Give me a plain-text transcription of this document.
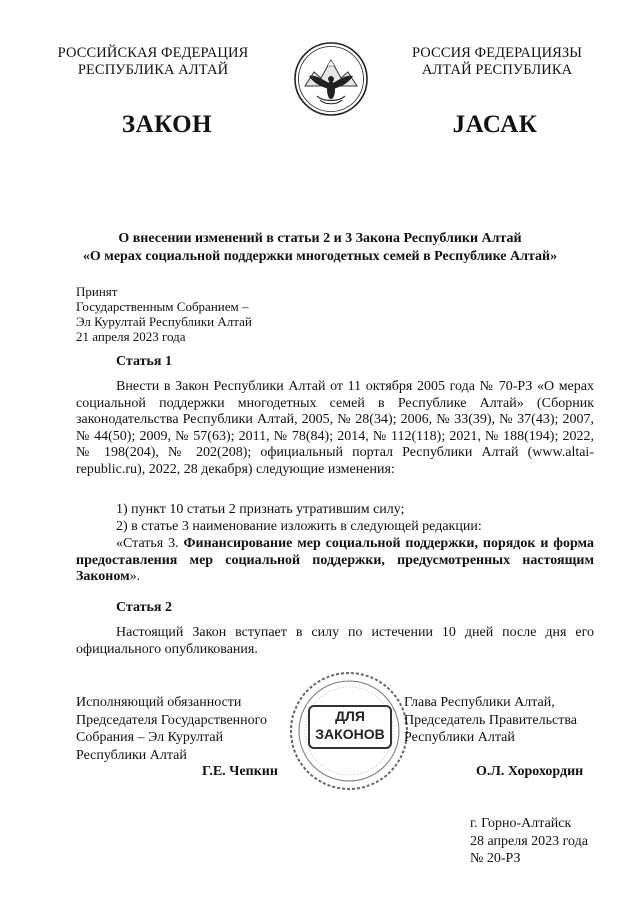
РОССИЙСКАЯ ФЕДЕРАЦИЯ
РЕСПУБЛИКА АЛТАЙ
РОССИЯ ФЕДЕРАЦИЯЗЫ
АЛТАЙ РЕСПУБЛИКА
ЗАКОН	JАСАК
О внесении изменений в статьи 2 и 3 Закона Республики Алтай
«О мерах социальной поддержки многодетных семей в Республике Алтай»
Принят
Государственным Собранием –
Эл Курултай Республики Алтай
21 апреля 2023 года
Статья 1
Внести в Закон Республики Алтай от 11 октября 2005 года № 70-РЗ «О мерах социальной поддержки многодетных семей в Республике Алтай» (Сборник законодательства Республики Алтай, 2005, № 28(34); 2006, № 33(39), № 37(43); 2007, № 44(50); 2009, № 57(63); 2011, № 78(84); 2014, № 112(118); 2021, № 188(194); 2022, № 198(204), № 202(208); официальный портал Республики Алтай (www.altai-republic.ru), 2022, 28 декабря) следующие изменения:
1) пункт 10 статьи 2 признать утратившим силу;
2) в статье 3 наименование изложить в следующей редакции:
«Статья 3. Финансирование мер социальной поддержки, порядок и форма предоставления мер социальной поддержки, предусмотренных настоящим Законом».
Статья 2
Настоящий Закон вступает в силу по истечении 10 дней после дня его официального опубликования.
Исполняющий обязанности
Председателя Государственного
Собрания – Эл Курултай
Республики Алтай
Г.Е. Чепкин
ДЛЯ
ЗАКОНОВ
Глава Республики Алтай,
Председатель Правительства
Республики Алтай
О.Л. Хорохордин
г. Горно-Алтайск
28 апреля 2023 года
№ 20-РЗ
